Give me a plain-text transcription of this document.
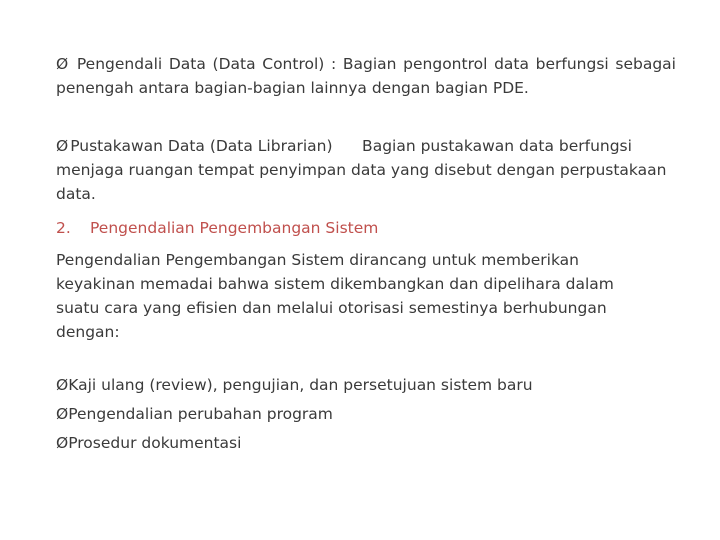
Ø Pengendali Data (Data Control) : Bagian pengontrol data berfungsi sebagai penengah antara bagian-bagian lainnya dengan bagian PDE.

Ø Pustakawan Data (Data Librarian)      Bagian pustakawan data berfungsi menjaga ruangan tempat penyimpan data yang disebut dengan perpustakaan data.

2. Pengendalian Pengembangan Sistem

Pengendalian Pengembangan Sistem dirancang untuk memberikan keyakinan memadai bahwa sistem dikembangkan dan dipelihara dalam suatu cara yang efisien dan melalui otorisasi semestinya berhubungan dengan:

ØKaji ulang (review), pengujian, dan persetujuan sistem baru

ØPengendalian perubahan program

ØProsedur dokumentasi
